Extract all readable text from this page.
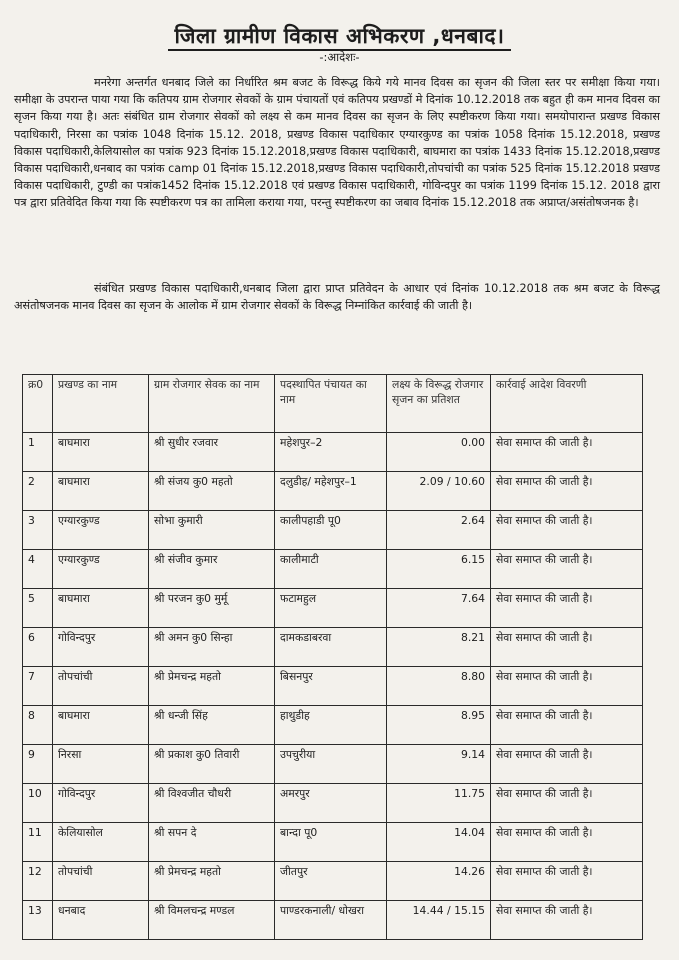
जिला ग्रामीण विकास अभिकरण ,धनबाद।
-:आदेशः-

मनरेगा अन्तर्गत धनबाद जिले का निर्धारित श्रम बजट के विरूद्ध किये गये मानव दिवस का सृजन की जिला स्तर पर समीक्षा किया गया। समीक्षा के उपरान्त पाया गया कि कतिपय ग्राम रोजगार सेवकों के ग्राम पंचायतों एवं कतिपय प्रखण्डों मे दिनांक 10.12.2018 तक बहुत ही कम मानव दिवस का सृजन किया गया है। अतः संबंधित ग्राम रोजगार सेवकों को लक्ष्य से कम मानव दिवस का सृजन के लिए स्पष्टीकरण किया गया। समयोपारान्त प्रखण्ड विकास पदाधिकारी, निरसा का पत्रांक 1048 दिनांक 15.12. 2018, प्रखण्ड विकास पदाधिकार एग्यारकुण्ड का पत्रांक 1058 दिनांक 15.12.2018, प्रखण्ड विकास पदाधिकारी,केलियासोल का पत्रांक 923 दिनांक 15.12.2018,प्रखण्ड विकास पदाधिकारी, बाघमारा का पत्रांक 1433 दिनांक 15.12.2018,प्रखण्ड विकास पदाधिकारी,धनबाद का पत्रांक camp 01 दिनांक 15.12.2018,प्रखण्ड विकास पदाधिकारी,तोपचांची का पत्रांक 525 दिनांक 15.12.2018 प्रखण्ड विकास पदाधिकारी, टुण्डी का पत्रांक1452 दिनांक 15.12.2018 एवं प्रखण्ड विकास पदाधिकारी, गोविन्दपुर का पत्रांक 1199 दिनांक 15.12. 2018 द्वारा पत्र द्वारा प्रतिवेदित किया गया कि स्पष्टीकरण पत्र का तामिला कराया गया, परन्तु स्पष्टीकरण का जबाव दिनांक 15.12.2018 तक अप्राप्त/असंतोषजनक है।

संबंधित प्रखण्ड विकास पदाधिकारी,धनबाद जिला द्वारा प्राप्त प्रतिवेदन के आधार एवं दिनांक 10.12.2018 तक श्रम बजट के विरूद्ध असंतोषजनक मानव दिवस का सृजन के आलोक में ग्राम रोजगार सेवकों के विरूद्ध निम्नांकित कार्रवाई की जाती है।

क्र0	प्रखण्ड का नाम	ग्राम रोजगार सेवक का नाम	पदस्थापित पंचायत का नाम	लक्ष्य के विरूद्ध रोजगार सृजन का प्रतिशत	कार्रवाई आदेश विवरणी
1	बाघमारा	श्री सुधीर रजवार	महेशपुर–2	0.00	सेवा समाप्त की जाती है।
2	बाघमारा	श्री संजय कु0 महतो	दलुडीह/ महेशपुर–1	2.09 / 10.60	सेवा समाप्त की जाती है।
3	एग्यारकुण्ड	सोभा कुमारी	कालीपहाडी पू0	2.64	सेवा समाप्त की जाती है।
4	एग्यारकुण्ड	श्री संजीव कुमार	कालीमाटी	6.15	सेवा समाप्त की जाती है।
5	बाघमारा	श्री परजन कु0 मुर्मू	फटामहुल	7.64	सेवा समाप्त की जाती है।
6	गोविन्दपुर	श्री अमन कु0 सिन्हा	दामकडाबरवा	8.21	सेवा समाप्त की जाती है।
7	तोपचांची	श्री प्रेमचन्द्र महतो	बिसनपुर	8.80	सेवा समाप्त की जाती है।
8	बाघमारा	श्री धन्जी सिंह	हाथुडीह	8.95	सेवा समाप्त की जाती है।
9	निरसा	श्री प्रकाश कु0 तिवारी	उपचुरीया	9.14	सेवा समाप्त की जाती है।
10	गोविन्दपुर	श्री विश्वजीत चौधरी	अमरपुर	11.75	सेवा समाप्त की जाती है।
11	केलियासोल	श्री सपन दे	बान्दा पू0	14.04	सेवा समाप्त की जाती है।
12	तोपचांची	श्री प्रेमचन्द्र महतो	जीतपुर	14.26	सेवा समाप्त की जाती है।
13	धनबाद	श्री विमलचन्द्र मण्डल	पाण्डरकनाली/ धोखरा	14.44 / 15.15	सेवा समाप्त की जाती है।
